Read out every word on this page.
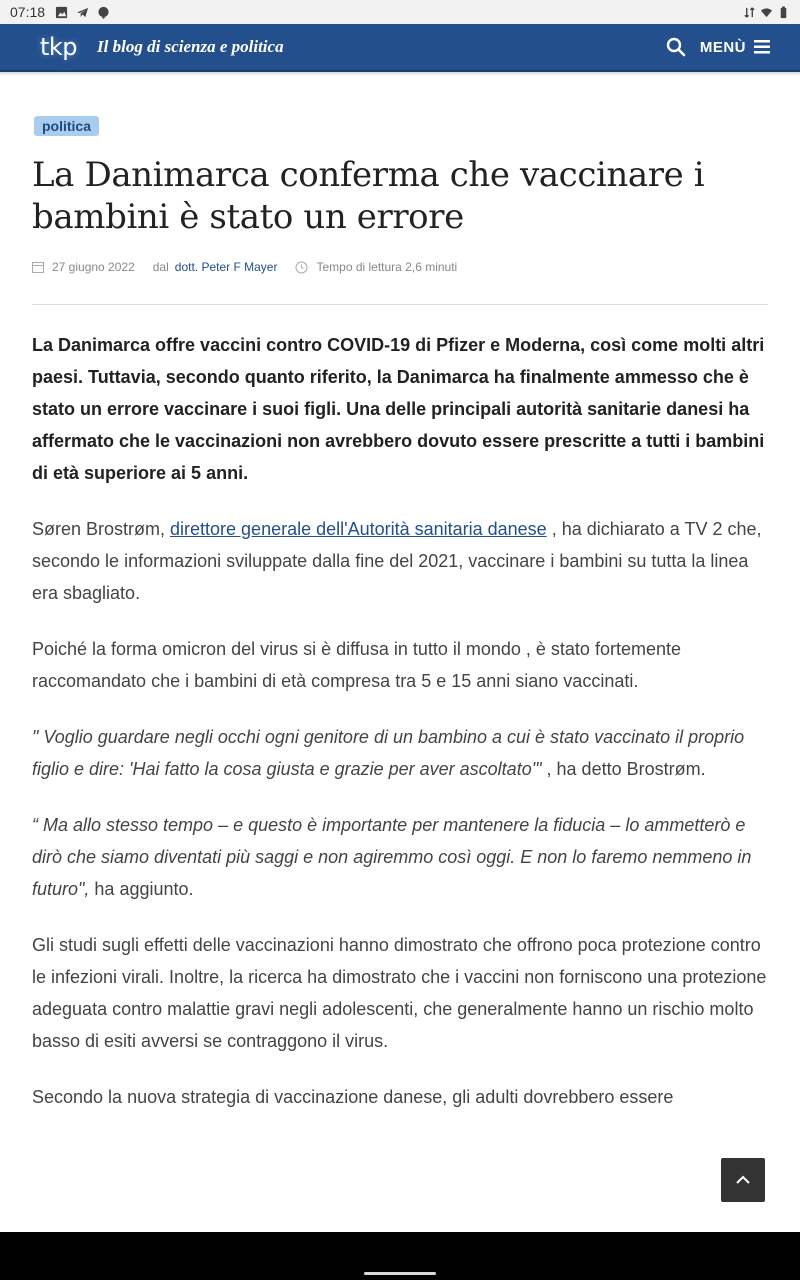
07:18
tkp Il blog di scienza e politica	MENÙ
politica
La Danimarca conferma che vaccinare i bambini è stato un errore
27 giugno 2022 dal dott. Peter F Mayer	Tempo di lettura 2,6 minuti

La Danimarca offre vaccini contro COVID-19 di Pfizer e Moderna, così come molti altri paesi. Tuttavia, secondo quanto riferito, la Danimarca ha finalmente ammesso che è stato un errore vaccinare i suoi figli. Una delle principali autorità sanitarie danesi ha affermato che le vaccinazioni non avrebbero dovuto essere prescritte a tutti i bambini di età superiore ai 5 anni.

Søren Brostrøm, direttore generale dell'Autorità sanitaria danese , ha dichiarato a TV 2 che, secondo le informazioni sviluppate dalla fine del 2021, vaccinare i bambini su tutta la linea era sbagliato.

Poiché la forma omicron del virus si è diffusa in tutto il mondo , è stato fortemente raccomandato che i bambini di età compresa tra 5 e 15 anni siano vaccinati.

" Voglio guardare negli occhi ogni genitore di un bambino a cui è stato vaccinato il proprio figlio e dire: 'Hai fatto la cosa giusta e grazie per aver ascoltato'" , ha detto Brostrøm.

“ Ma allo stesso tempo – e questo è importante per mantenere la fiducia – lo ammetterò e dirò che siamo diventati più saggi e non agiremmo così oggi. E non lo faremo nemmeno in futuro", ha aggiunto.

Gli studi sugli effetti delle vaccinazioni hanno dimostrato che offrono poca protezione contro le infezioni virali. Inoltre, la ricerca ha dimostrato che i vaccini non forniscono una protezione adeguata contro malattie gravi negli adolescenti, che generalmente hanno un rischio molto basso di esiti avversi se contraggono il virus.

Secondo la nuova strategia di vaccinazione danese, gli adulti dovrebbero essere
